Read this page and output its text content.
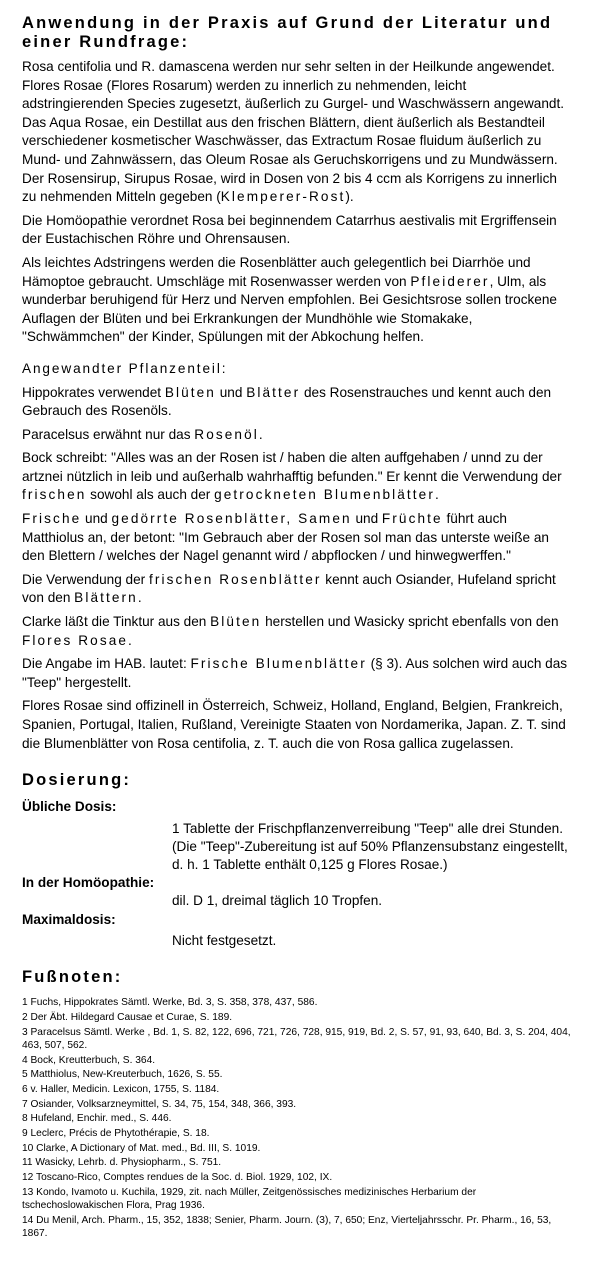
Anwendung in der Praxis auf Grund der Literatur und einer Rundfrage:

Rosa centifolia und R. damascena werden nur sehr selten in der Heilkunde angewendet. Flores Rosae (Flores Rosarum) werden zu innerlich zu nehmenden, leicht adstringierenden Species zugesetzt, äußerlich zu Gurgel- und Waschwässern angewandt. Das Aqua Rosae, ein Destillat aus den frischen Blättern, dient äußerlich als Bestandteil verschiedener kosmetischer Waschwässer, das Extractum Rosae fluidum äußerlich zu Mund- und Zahnwässern, das Oleum Rosae als Geruchskorrigens und zu Mundwässern. Der Rosensirup, Sirupus Rosae, wird in Dosen von 2 bis 4 ccm als Korrigens zu innerlich zu nehmenden Mitteln gegeben (Klemperer-Rost).

Die Homöopathie verordnet Rosa bei beginnendem Catarrhus aestivalis mit Ergriffensein der Eustachischen Röhre und Ohrensausen.

Als leichtes Adstringens werden die Rosenblätter auch gelegentlich bei Diarrhöe und Hämoptoe gebraucht. Umschläge mit Rosenwasser werden von Pfleiderer, Ulm, als wunderbar beruhigend für Herz und Nerven empfohlen. Bei Gesichtsrose sollen trockene Auflagen der Blüten und bei Erkrankungen der Mundhöhle wie Stomakake, "Schwämmchen" der Kinder, Spülungen mit der Abkochung helfen.

Angewandter Pflanzenteil:

Hippokrates verwendet Blüten und Blätter des Rosenstrauches und kennt auch den Gebrauch des Rosenöls.

Paracelsus erwähnt nur das Rosenöl.

Bock schreibt: "Alles was an der Rosen ist / haben die alten auffgehaben / unnd zu der artznei nützlich in leib und außerhalb wahrhafftig befunden." Er kennt die Verwendung der frischen sowohl als auch der getrockneten Blumenblätter.

Frische und gedörrte Rosenblätter, Samen und Früchte führt auch Matthiolus an, der betont: "Im Gebrauch aber der Rosen sol man das unterste weiße an den Blettern / welches der Nagel genannt wird / abpflocken / und hinwegwerffen."

Die Verwendung der frischen Rosenblätter kennt auch Osiander, Hufeland spricht von den Blättern.

Clarke läßt die Tinktur aus den Blüten herstellen und Wasicky spricht ebenfalls von den Flores Rosae.

Die Angabe im HAB. lautet: Frische Blumenblätter (§ 3). Aus solchen wird auch das "Teep" hergestellt.

Flores Rosae sind offizinell in Österreich, Schweiz, Holland, England, Belgien, Frankreich, Spanien, Portugal, Italien, Rußland, Vereinigte Staaten von Nordamerika, Japan. Z. T. sind die Blumenblätter von Rosa centifolia, z. T. auch die von Rosa gallica zugelassen.

Dosierung:
Übliche Dosis:
1 Tablette der Frischpflanzenverreibung "Teep" alle drei Stunden.
(Die "Teep"-Zubereitung ist auf 50% Pflanzensubstanz eingestellt, d. h. 1 Tablette enthält 0,125 g Flores Rosae.)
In der Homöopathie:
dil. D 1, dreimal täglich 10 Tropfen.
Maximaldosis:
Nicht festgesetzt.
Fußnoten:

1 Fuchs, Hippokrates Sämtl. Werke, Bd. 3, S. 358, 378, 437, 586.

2 Der Äbt. Hildegard Causae et Curae, S. 189.

3 Paracelsus Sämtl. Werke , Bd. 1, S. 82, 122, 696, 721, 726, 728, 915, 919, Bd. 2, S. 57, 91, 93, 640, Bd. 3, S. 204, 404, 463, 507, 562.

4 Bock, Kreutterbuch, S. 364.

5 Matthiolus, New-Kreuterbuch, 1626, S. 55.

6 v. Haller, Medicin. Lexicon, 1755, S. 1184.

7 Osiander, Volksarzneymittel, S. 34, 75, 154, 348, 366, 393.

8 Hufeland, Enchir. med., S. 446.

9 Leclerc, Précis de Phytothérapie, S. 18.

10 Clarke, A Dictionary of Mat. med., Bd. III, S. 1019.

11 Wasicky, Lehrb. d. Physiopharm., S. 751.

12 Toscano-Rico, Comptes rendues de la Soc. d. Biol. 1929, 102, IX.

13 Kondo, Ivamoto u. Kuchila, 1929, zit. nach Müller, Zeitgenössisches medizinisches Herbarium der tschechoslowakischen Flora, Prag 1936.

14 Du Menil, Arch. Pharm., 15, 352, 1838; Senier, Pharm. Journ. (3), 7, 650; Enz, Vierteljahrsschr. Pr. Pharm., 16, 53, 1867.
